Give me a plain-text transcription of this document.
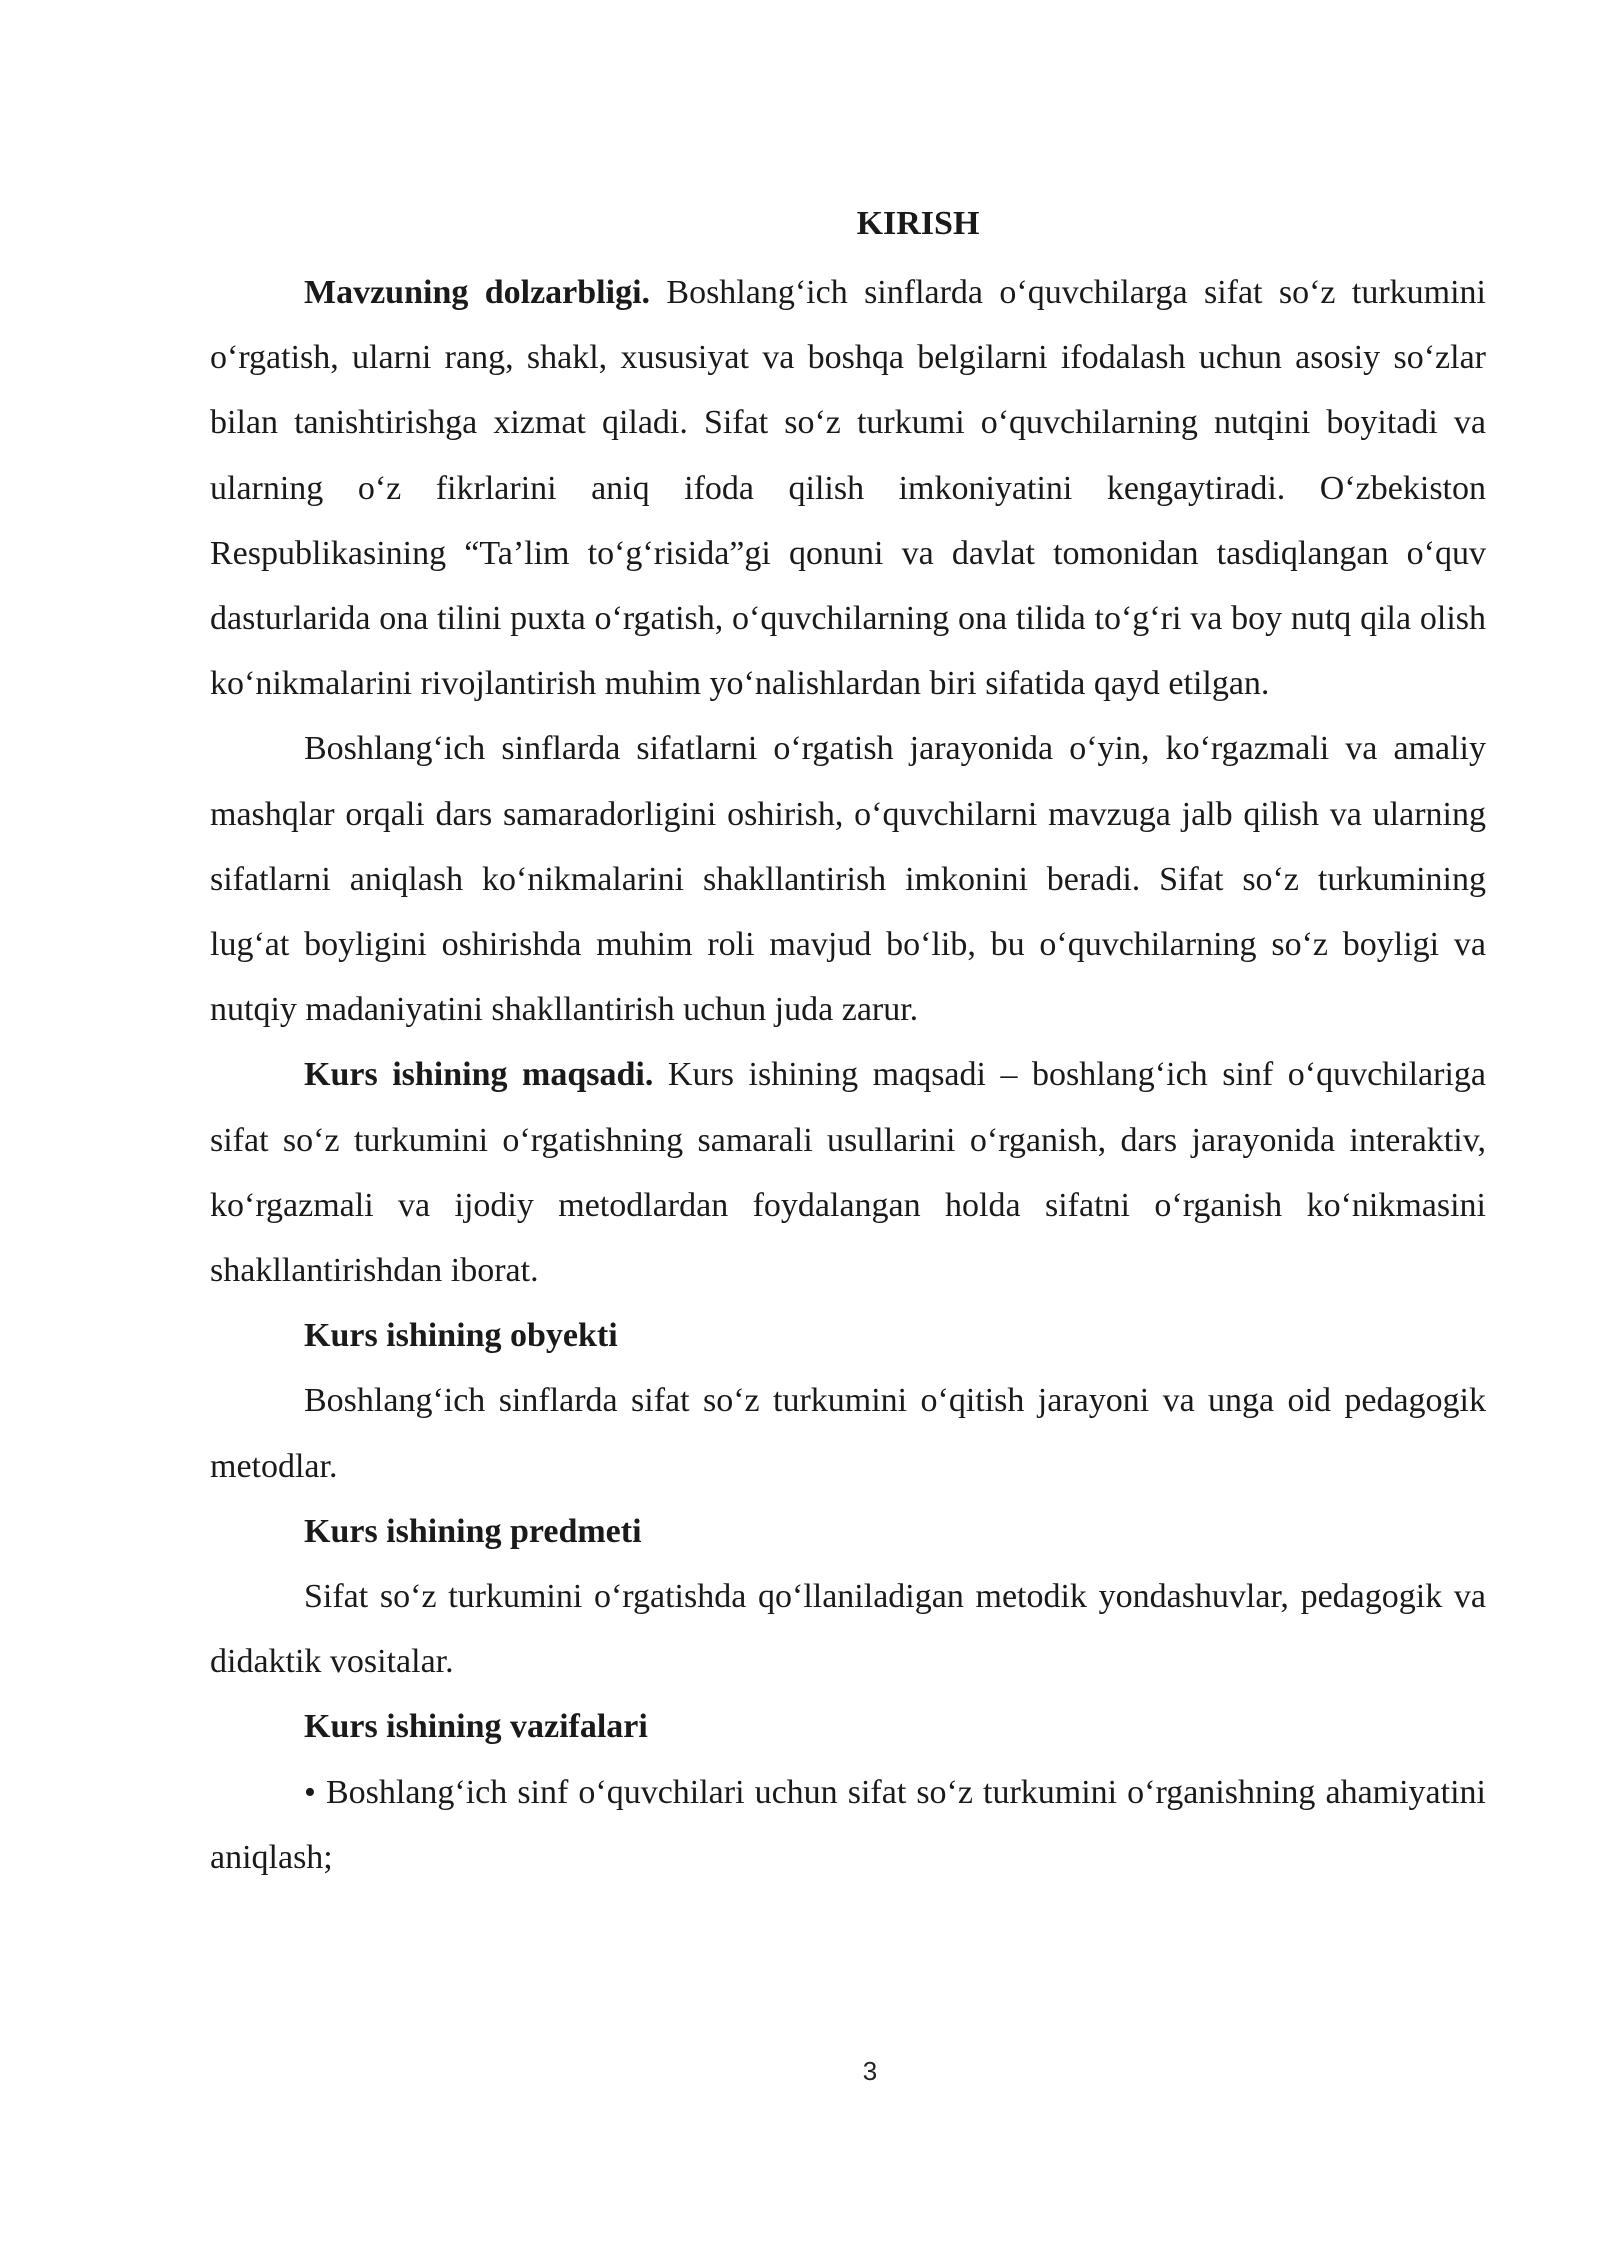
KIRISH

Mavzuning dolzarbligi. Boshlang‘ich sinflarda o‘quvchilarga sifat so‘z turkumini o‘rgatish, ularni rang, shakl, xususiyat va boshqa belgilarni ifodalash uchun asosiy so‘zlar bilan tanishtirishga xizmat qiladi. Sifat so‘z turkumi o‘quvchilarning nutqini boyitadi va ularning o‘z fikrlarini aniq ifoda qilish imkoniyatini kengaytiradi. O‘zbekiston Respublikasining “Ta’lim to‘g‘risida”gi qonuni va davlat tomonidan tasdiqlangan o‘quv dasturlarida ona tilini puxta o‘rgatish, o‘quvchilarning ona tilida to‘g‘ri va boy nutq qila olish ko‘nikmalarini rivojlantirish muhim yo‘nalishlardan biri sifatida qayd etilgan.

Boshlang‘ich sinflarda sifatlarni o‘rgatish jarayonida o‘yin, ko‘rgazmali va amaliy mashqlar orqali dars samaradorligini oshirish, o‘quvchilarni mavzuga jalb qilish va ularning sifatlarni aniqlash ko‘nikmalarini shakllantirish imkonini beradi. Sifat so‘z turkumining lug‘at boyligini oshirishda muhim roli mavjud bo‘lib, bu o‘quvchilarning so‘z boyligi va nutqiy madaniyatini shakllantirish uchun juda zarur.

Kurs ishining maqsadi. Kurs ishining maqsadi – boshlang‘ich sinf o‘quvchilariga sifat so‘z turkumini o‘rgatishning samarali usullarini o‘rganish, dars jarayonida interaktiv, ko‘rgazmali va ijodiy metodlardan foydalangan holda sifatni o‘rganish ko‘nikmasini shakllantirishdan iborat.

Kurs ishining obyekti

Boshlang‘ich sinflarda sifat so‘z turkumini o‘qitish jarayoni va unga oid pedagogik metodlar.

Kurs ishining predmeti

Sifat so‘z turkumini o‘rgatishda qo‘llaniladigan metodik yondashuvlar, pedagogik va didaktik vositalar.

Kurs ishining vazifalari

• Boshlang‘ich sinf o‘quvchilari uchun sifat so‘z turkumini o‘rganishning ahamiyatini aniqlash;

3
